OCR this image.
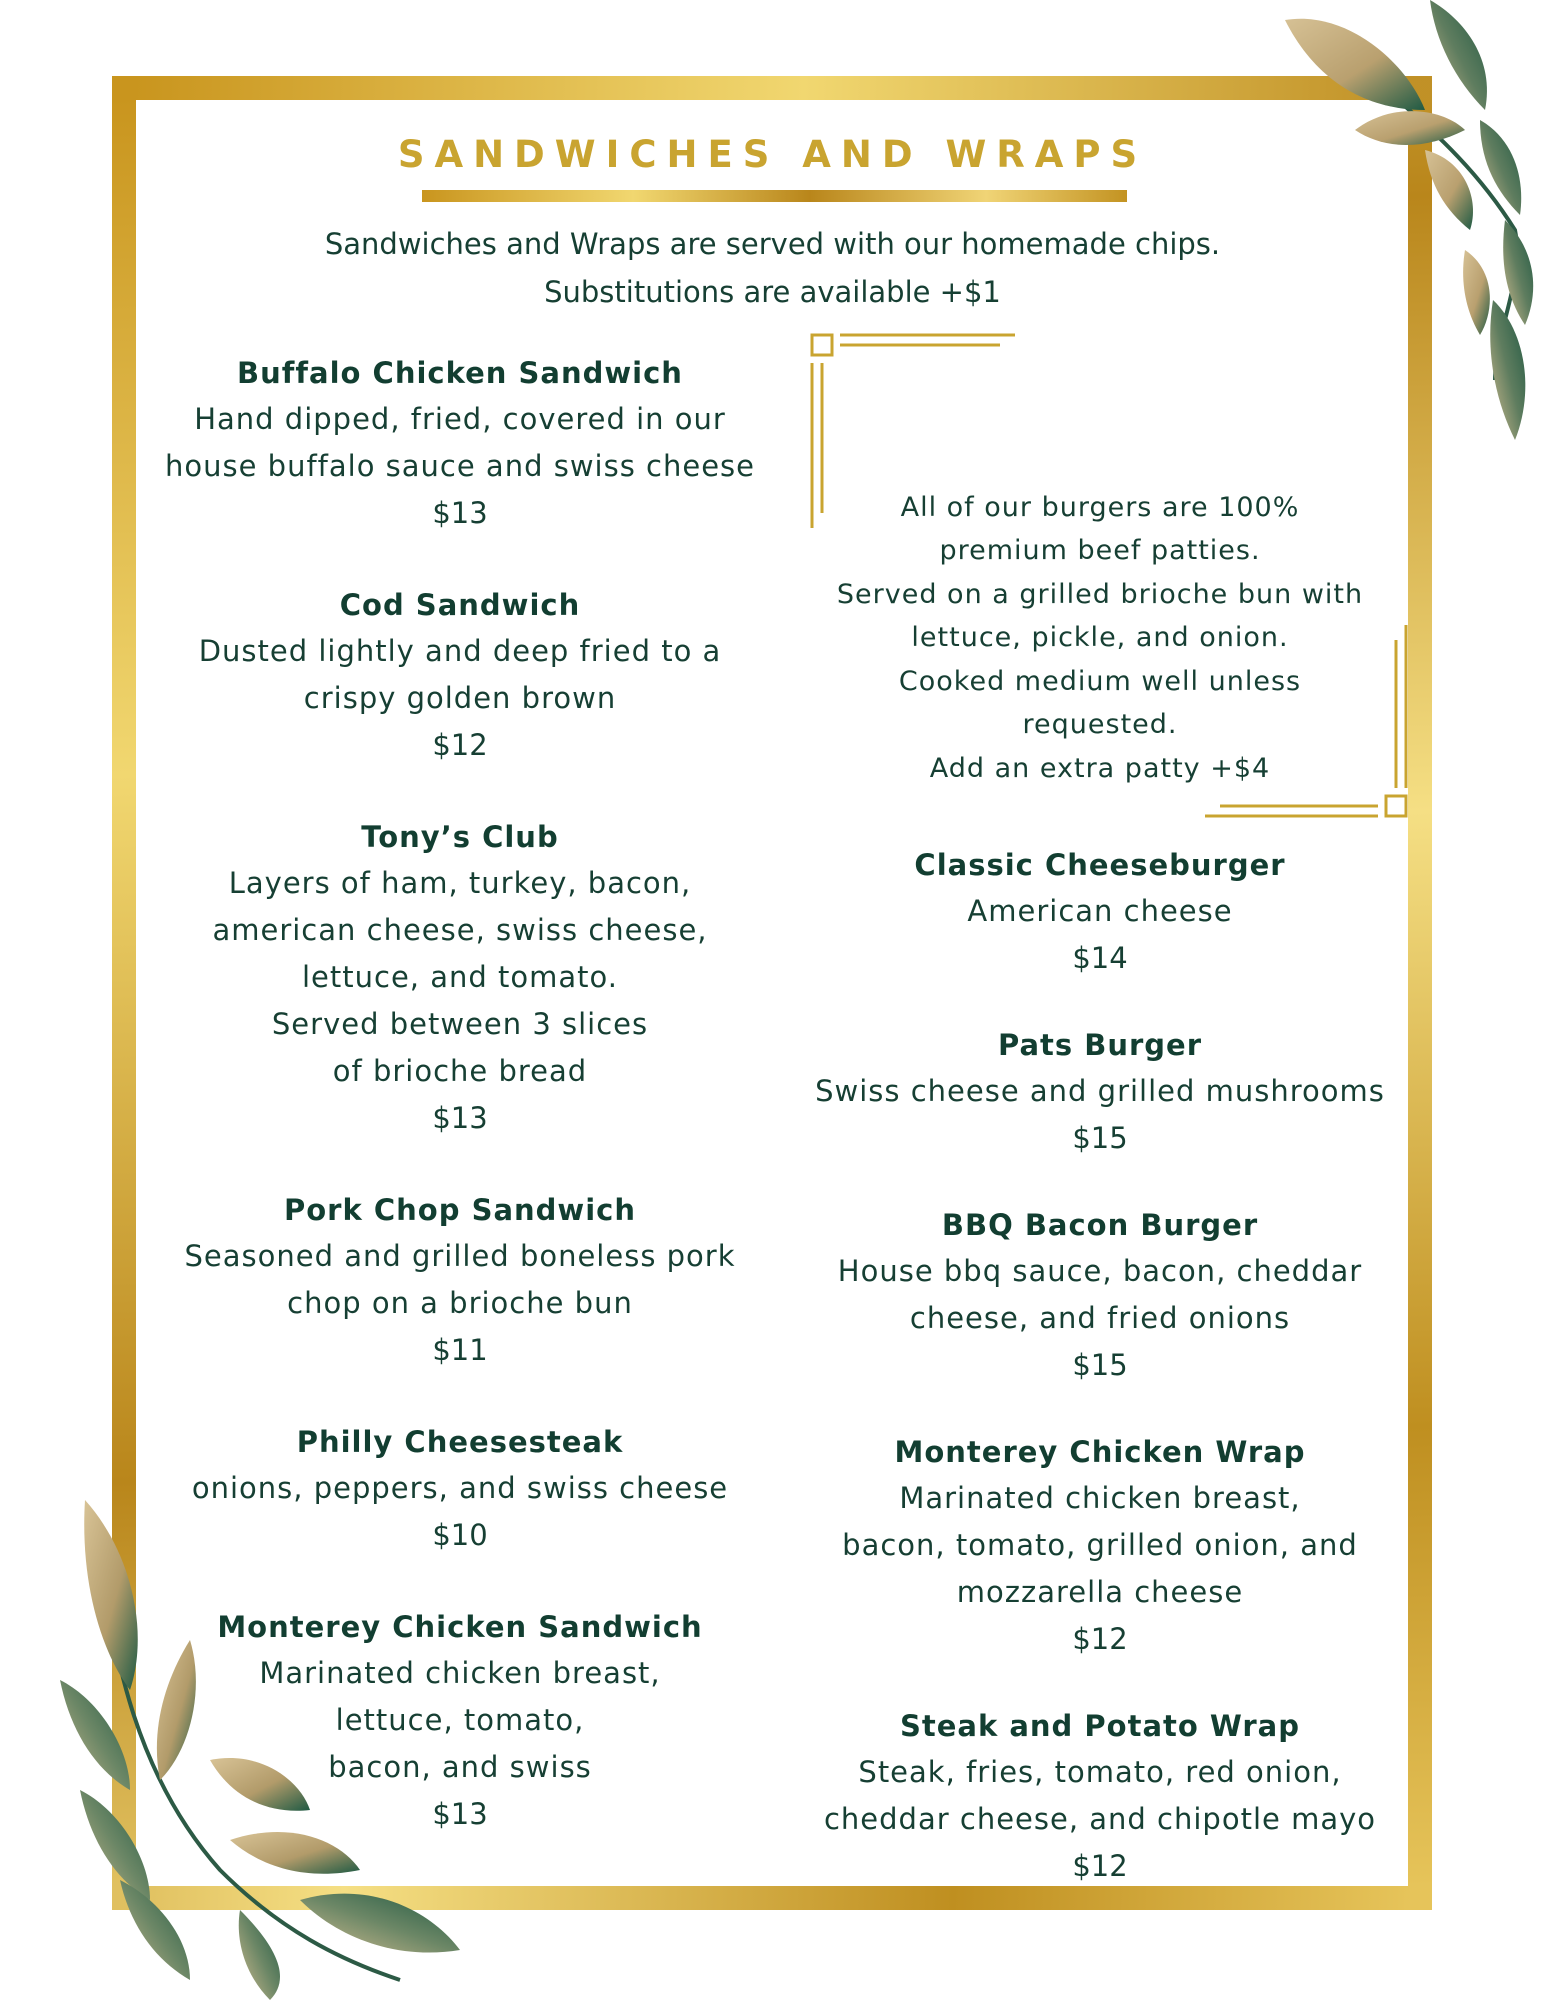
SANDWICHES AND WRAPS
Sandwiches and Wraps are served with our homemade chips.
Substitutions are available +$1
Buffalo Chicken Sandwich
Hand dipped, fried, covered in our
house buffalo sauce and swiss cheese
$13
Cod Sandwich
Dusted lightly and deep fried to a
crispy golden brown
$12
Tony’s Club
Layers of ham, turkey, bacon,
american cheese, swiss cheese,
lettuce, and tomato.
Served between 3 slices
of brioche bread
$13
Pork Chop Sandwich
Seasoned and grilled boneless pork
chop on a brioche bun
$11
Philly Cheesesteak
onions, peppers, and swiss cheese
$10
Monterey Chicken Sandwich
Marinated chicken breast,
lettuce, tomato,
bacon, and swiss
$13

All of our burgers are 100%
premium beef patties.
Served on a grilled brioche bun with
lettuce, pickle, and onion.
Cooked medium well unless
requested.
Add an extra patty +$4

Classic Cheeseburger
American cheese
$14
Pats Burger
Swiss cheese and grilled mushrooms
$15
BBQ Bacon Burger
House bbq sauce, bacon, cheddar
cheese, and fried onions
$15
Monterey Chicken Wrap
Marinated chicken breast,
bacon, tomato, grilled onion, and
mozzarella cheese
$12
Steak and Potato Wrap
Steak, fries, tomato, red onion,
cheddar cheese, and chipotle mayo
$12
